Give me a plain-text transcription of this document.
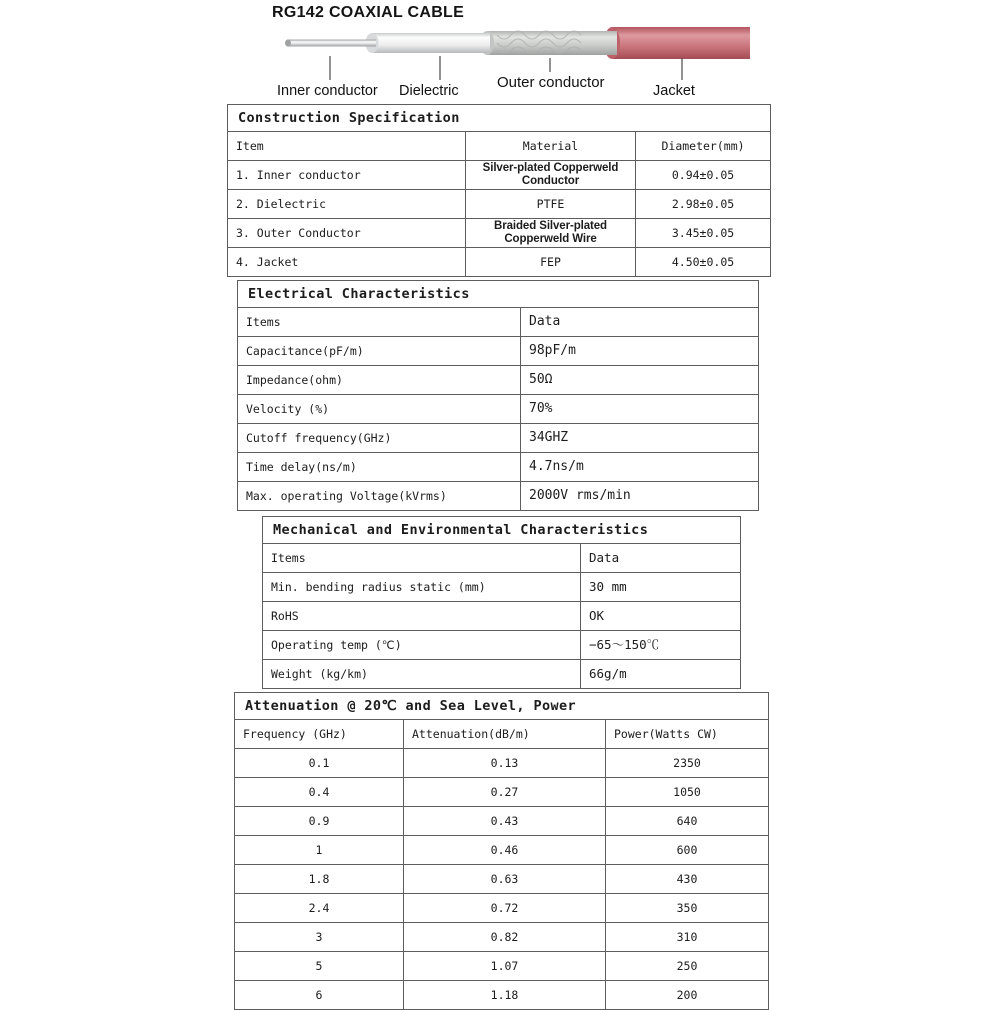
RG142 COAXIAL CABLE
Inner conductor Dielectric	Outer conductor	Jacket
Construction Specification		
Item	Material	Diameter(mm)
1. Inner conductor	Silver-plated Copperweld Conductor	0.94±0.05
2. Dielectric	PTFE	2.98±0.05
3. Outer Conductor	Braided Silver-plated Copperweld Wire	3.45±0.05
4. Jacket	FEP	4.50±0.05
Electrical Characteristics	
Items	Data
Capacitance(pF/m)	98pF/m
Impedance(ohm)	50Ω
Velocity (%)	70%
Cutoff frequency(GHz)	34GHZ
Time delay(ns/m)	4.7ns/m
Max. operating Voltage(kVrms)	2000V rms/min
Mechanical and Environmental Characteristics	
Items	Data
Min. bending radius static (mm)	30 mm
RoHS	OK
Operating temp (℃)	−65～150℃
Weight (kg/km)	66g/m
Attenuation @ 20℃ and Sea Level, Power		
Frequency (GHz)	Attenuation(dB/m)	Power(Watts CW)
0.1	0.13	2350
0.4	0.27	1050
0.9	0.43	640
1	0.46	600
1.8	0.63	430
2.4	0.72	350
3	0.82	310
5	1.07	250
6	1.18	200
